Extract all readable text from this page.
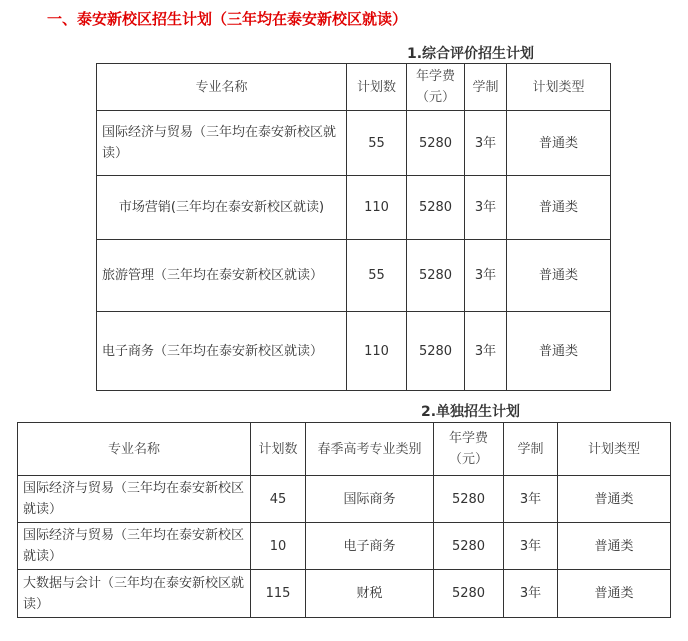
一、泰安新校区招生计划（三年均在泰安新校区就读）
1.综合评价招生计划
专业名称	计划数	年学费（元）	学制	计划类型
国际经济与贸易（三年均在泰安新校区就读）	55	5280	3年	普通类
市场营销(三年均在泰安新校区就读)	110	5280	3年	普通类
旅游管理（三年均在泰安新校区就读）	55	5280	3年	普通类
电子商务（三年均在泰安新校区就读）	110	5280	3年	普通类
2.单独招生计划
专业名称	计划数	春季高考专业类别	年学费（元）	学制	计划类型
国际经济与贸易（三年均在泰安新校区就读）	45	国际商务	5280	3年	普通类
国际经济与贸易（三年均在泰安新校区就读）	10	电子商务	5280	3年	普通类
大数据与会计（三年均在泰安新校区就读）	115	财税	5280	3年	普通类
